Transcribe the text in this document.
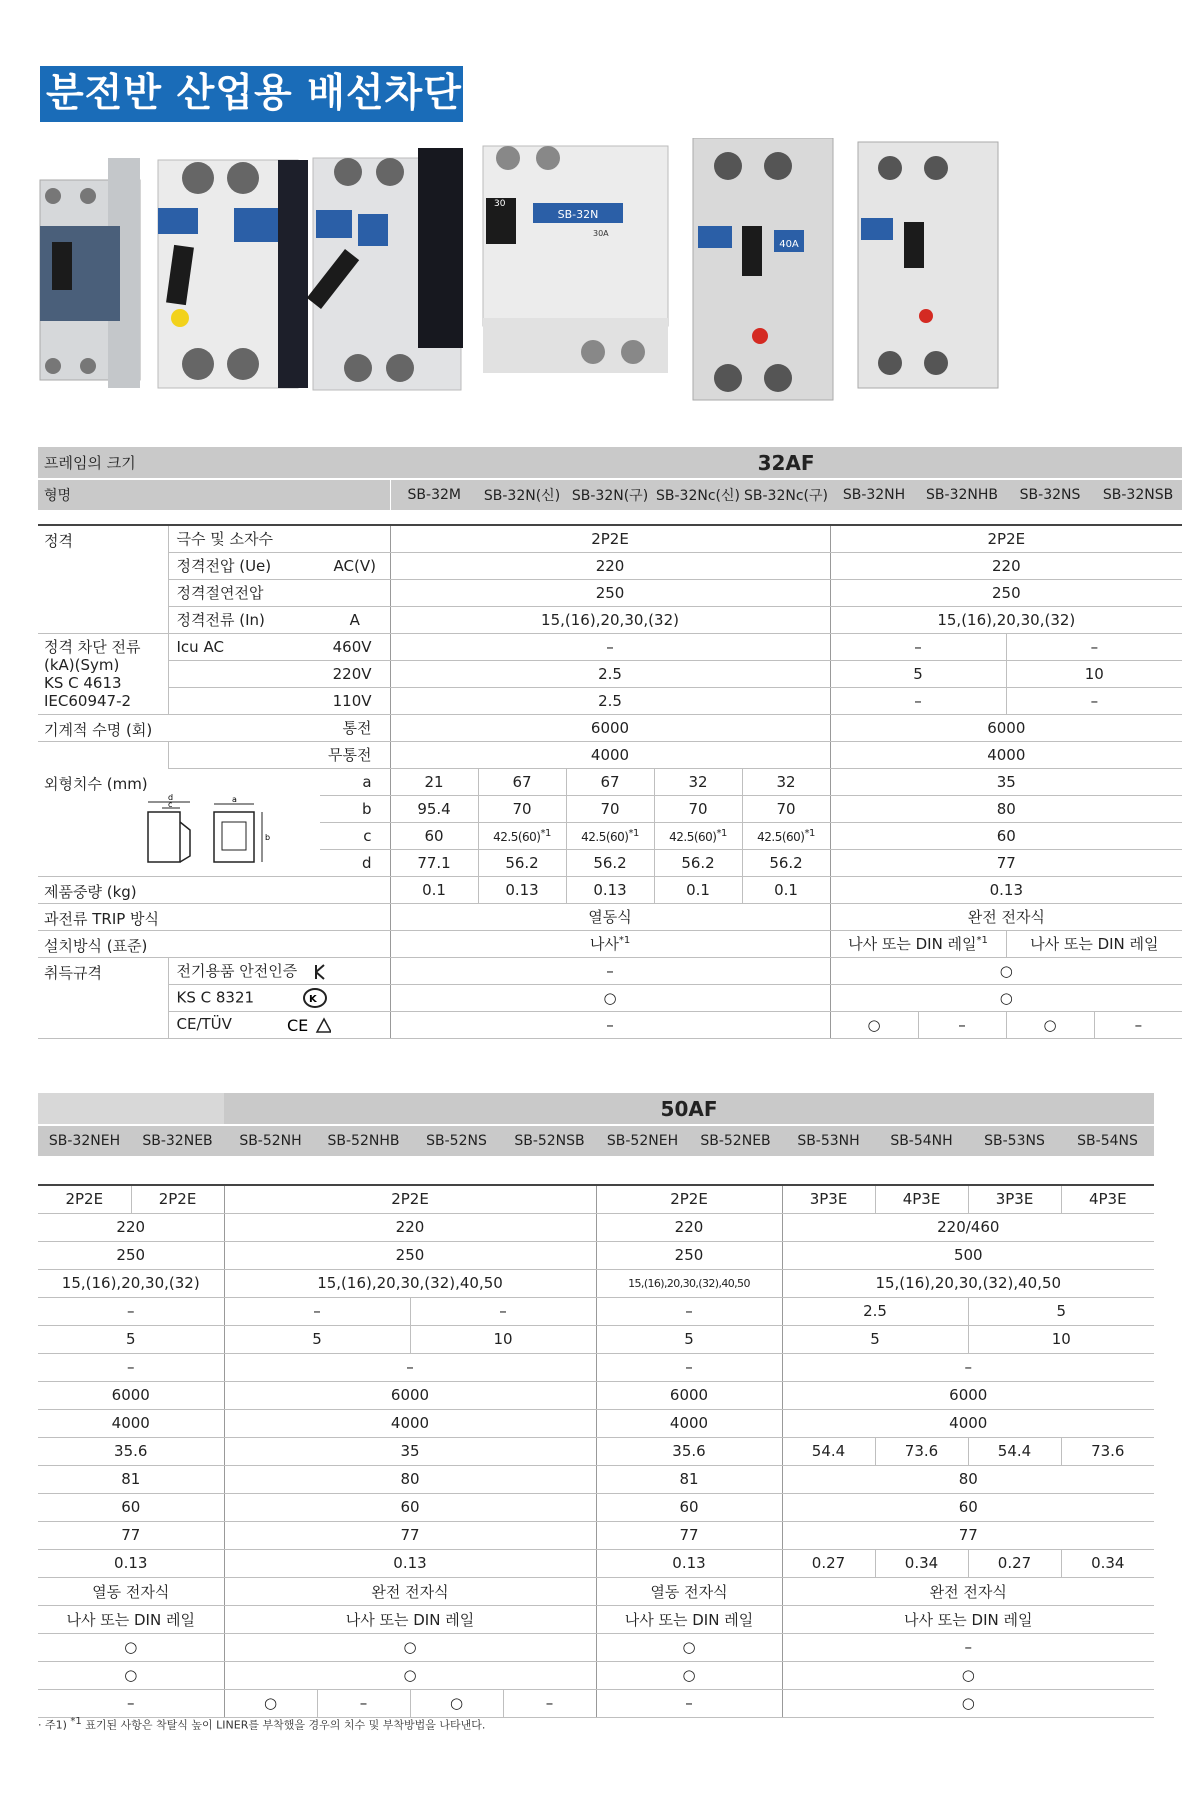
분전반 산업용 배선차단기
SB-32N
30
30A
40A
프레임의 크기			32AF								
형명			SB-32M	SB-32N(신)	SB-32N(구)	SB-32Nc(신)	SB-32Nc(구)	SB-32NH	SB-32NHB	SB-32NS	SB-32NSB

정격	극수 및 소자수		2P2E					2P2E			
	정격전압 (Ue)	AC(V)	220					220			
	정격절연전압		250					250			
	정격전류 (In)	A	15,(16),20,30,(32)					15,(16),20,30,(32)			

정격 차단 전류
(kA)(Sym)
KS C 4613
IEC60947-2	Icu AC	460V	–					–		–	
	220V		2.5					5		10	
	110V		2.5					–		–	
기계적 수명 (회)		통전	6000					6000			
	무통전		4000					4000			

외형치수 (mm)
d
c
a
b		a	21	67	67	32	32	35			
		b	95.4	70	70	70	70	80			
		c	60	$42.5(60)^{*1}$	$42.5(60)^{*1}$	$42.5(60)^{*1}$	$42.5(60)^{*1}$	60			
		d	77.1	56.2	56.2	56.2	56.2	77			
제품중량 (kg)			0.1	0.13	0.13	0.1	0.1	0.13			
과전류 TRIP 방식			열동식					완전 전자식			
설치방식 (표준)			나사$^{*1}$					나사 또는 DIN 레일$^{*1}$		나사 또는 DIN 레일	
취득규격	전기용품 안전인증		–					○			
	KS C 8321 K		○					○			
	CE/TÜV CE		–					○	–	○	–
		50AF									
SB-32NEH	SB-32NEB	SB-52NH	SB-52NHB	SB-52NS	SB-52NSB	SB-52NEH	SB-52NEB	SB-53NH	SB-54NH	SB-53NS	SB-54NS

2P2E	2P2E	2P2E				2P2E		3P3E	4P3E	3P3E	4P3E
220		220				220		220/460			
250		250				250		500			
15,(16),20,30,(32)		15,(16),20,30,(32),40,50				15,(16),20,30,(32),40,50		15,(16),20,30,(32),40,50			
–		–		–		–		2.5		5	
5		5		10		5		5		10	
–		–				–		–			
6000		6000				6000		6000			
4000		4000				4000		4000			
35.6		35				35.6		54.4	73.6	54.4	73.6
81		80				81		80			
60		60				60		60			
77		77				77		77			
0.13		0.13				0.13		0.27	0.34	0.27	0.34
열동 전자식		완전 전자식				열동 전자식		완전 전자식			
나사 또는 DIN 레일		나사 또는 DIN 레일				나사 또는 DIN 레일		나사 또는 DIN 레일			
○		○				○		–			
○		○				○		○			
–		○	–	○	–	–		○			
· 주1) $^{*1}$ 표기된 사항은 착탈식 높이 LINER를 부착했을 경우의 치수 및 부착방법을 나타낸다.
